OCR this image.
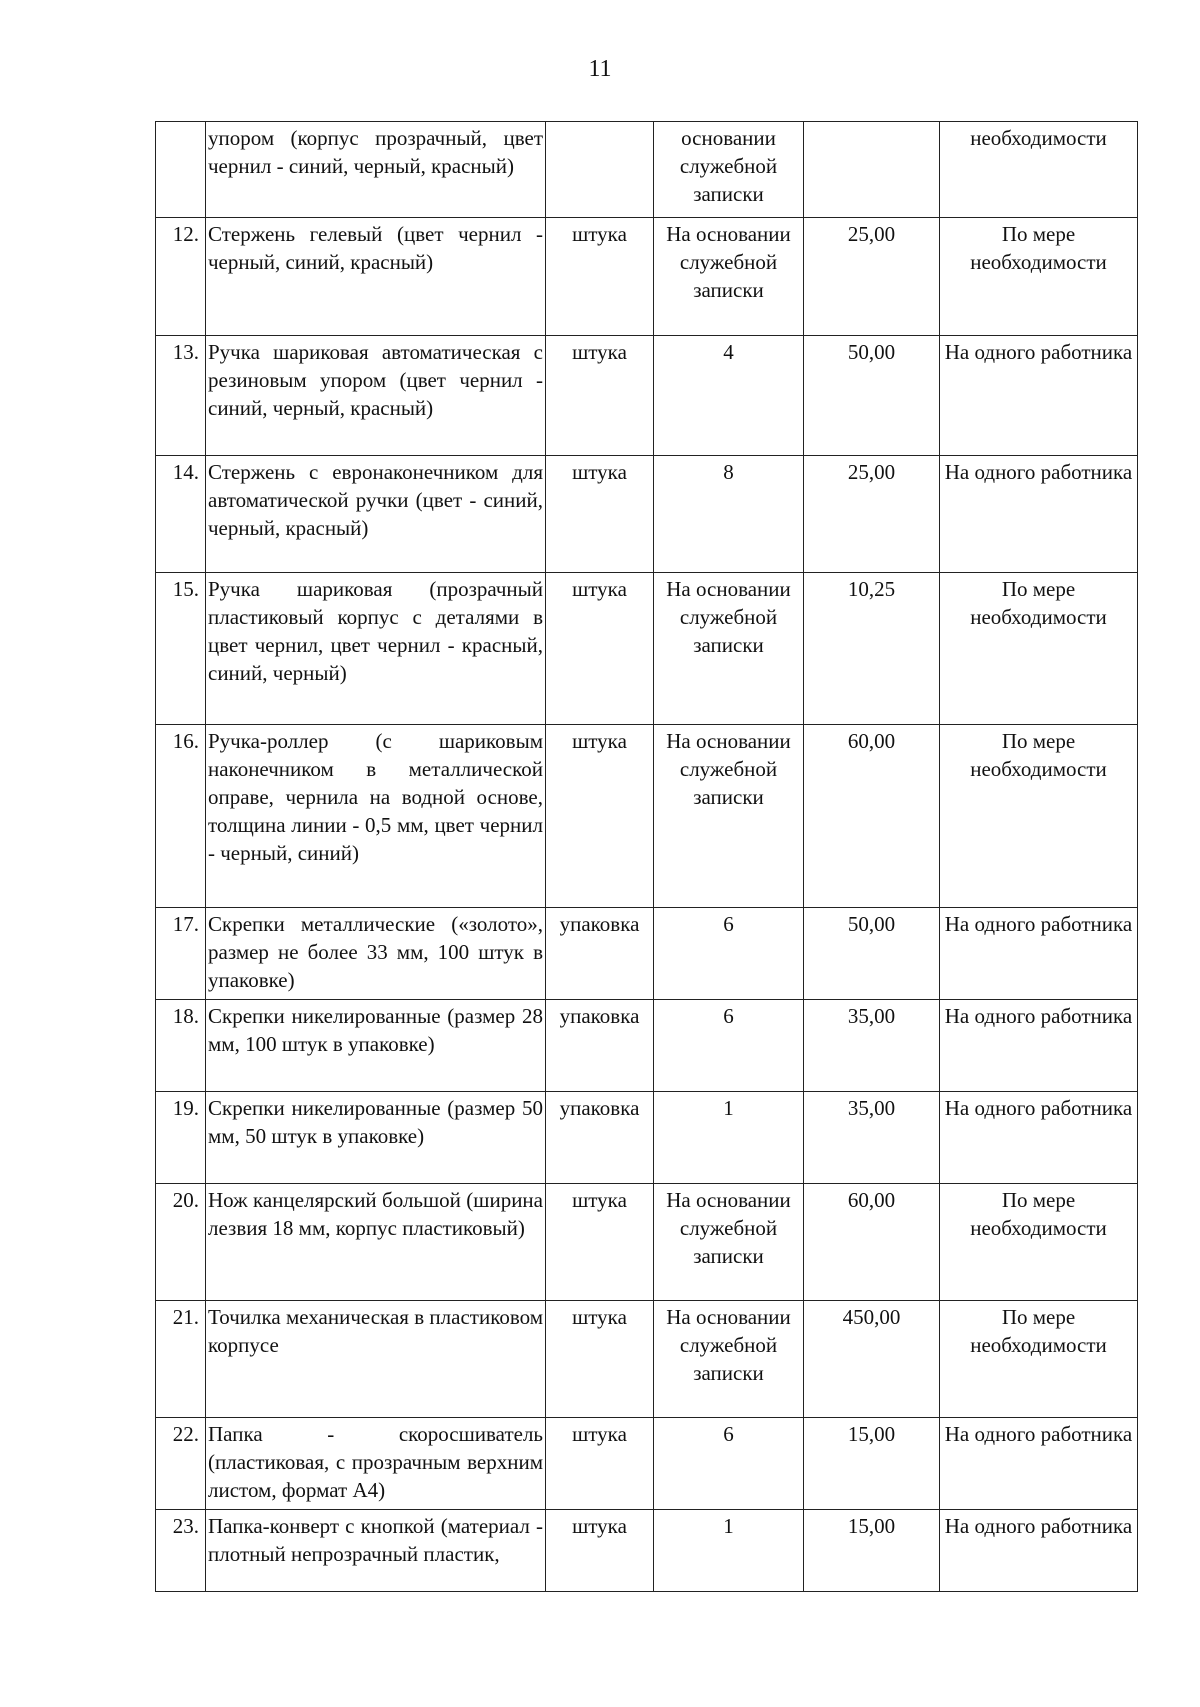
11
	упором (корпус прозрачный, цвет чернил - синий, черный, красный)		основании служебной записки		необходимости
12.	Стержень гелевый (цвет чернил - черный, синий, красный)	штука	На основании служебной записки	25,00	По мере необходимости
13.	Ручка шариковая автоматическая с резиновым упором (цвет чернил - синий, черный, красный)	штука	4	50,00	На одного работника
14.	Стержень с евронаконечником для автоматической ручки (цвет - синий, черный, красный)	штука	8	25,00	На одного работника
15.	Ручка шариковая (прозрачный пластиковый корпус с деталями в цвет чернил, цвет чернил - красный, синий, черный)	штука	На основании служебной записки	10,25	По мере необходимости
16.	Ручка-роллер (с шариковым наконечником в металлической оправе, чернила на водной основе, толщина линии - 0,5 мм, цвет чернил - черный, синий)	штука	На основании служебной записки	60,00	По мере необходимости
17.	Скрепки металлические («золото», размер не более 33 мм, 100 штук в упаковке)	упаковка	6	50,00	На одного работника
18.	Скрепки никелированные (размер 28 мм, 100 штук в упаковке)	упаковка	6	35,00	На одного работника
19.	Скрепки никелированные (размер 50 мм, 50 штук в упаковке)	упаковка	1	35,00	На одного работника
20.	Нож канцелярский большой (ширина лезвия 18 мм, корпус пластиковый)	штука	На основании служебной записки	60,00	По мере необходимости
21.	Точилка механическая в пластиковом корпусе	штука	На основании служебной записки	450,00	По мере необходимости
22.	Папка - скоросшиватель (пластиковая, с прозрачным верхним листом, формат А4)	штука	6	15,00	На одного работника
23.	Папка-конверт с кнопкой (материал - плотный непрозрачный пластик,	штука	1	15,00	На одного работника
